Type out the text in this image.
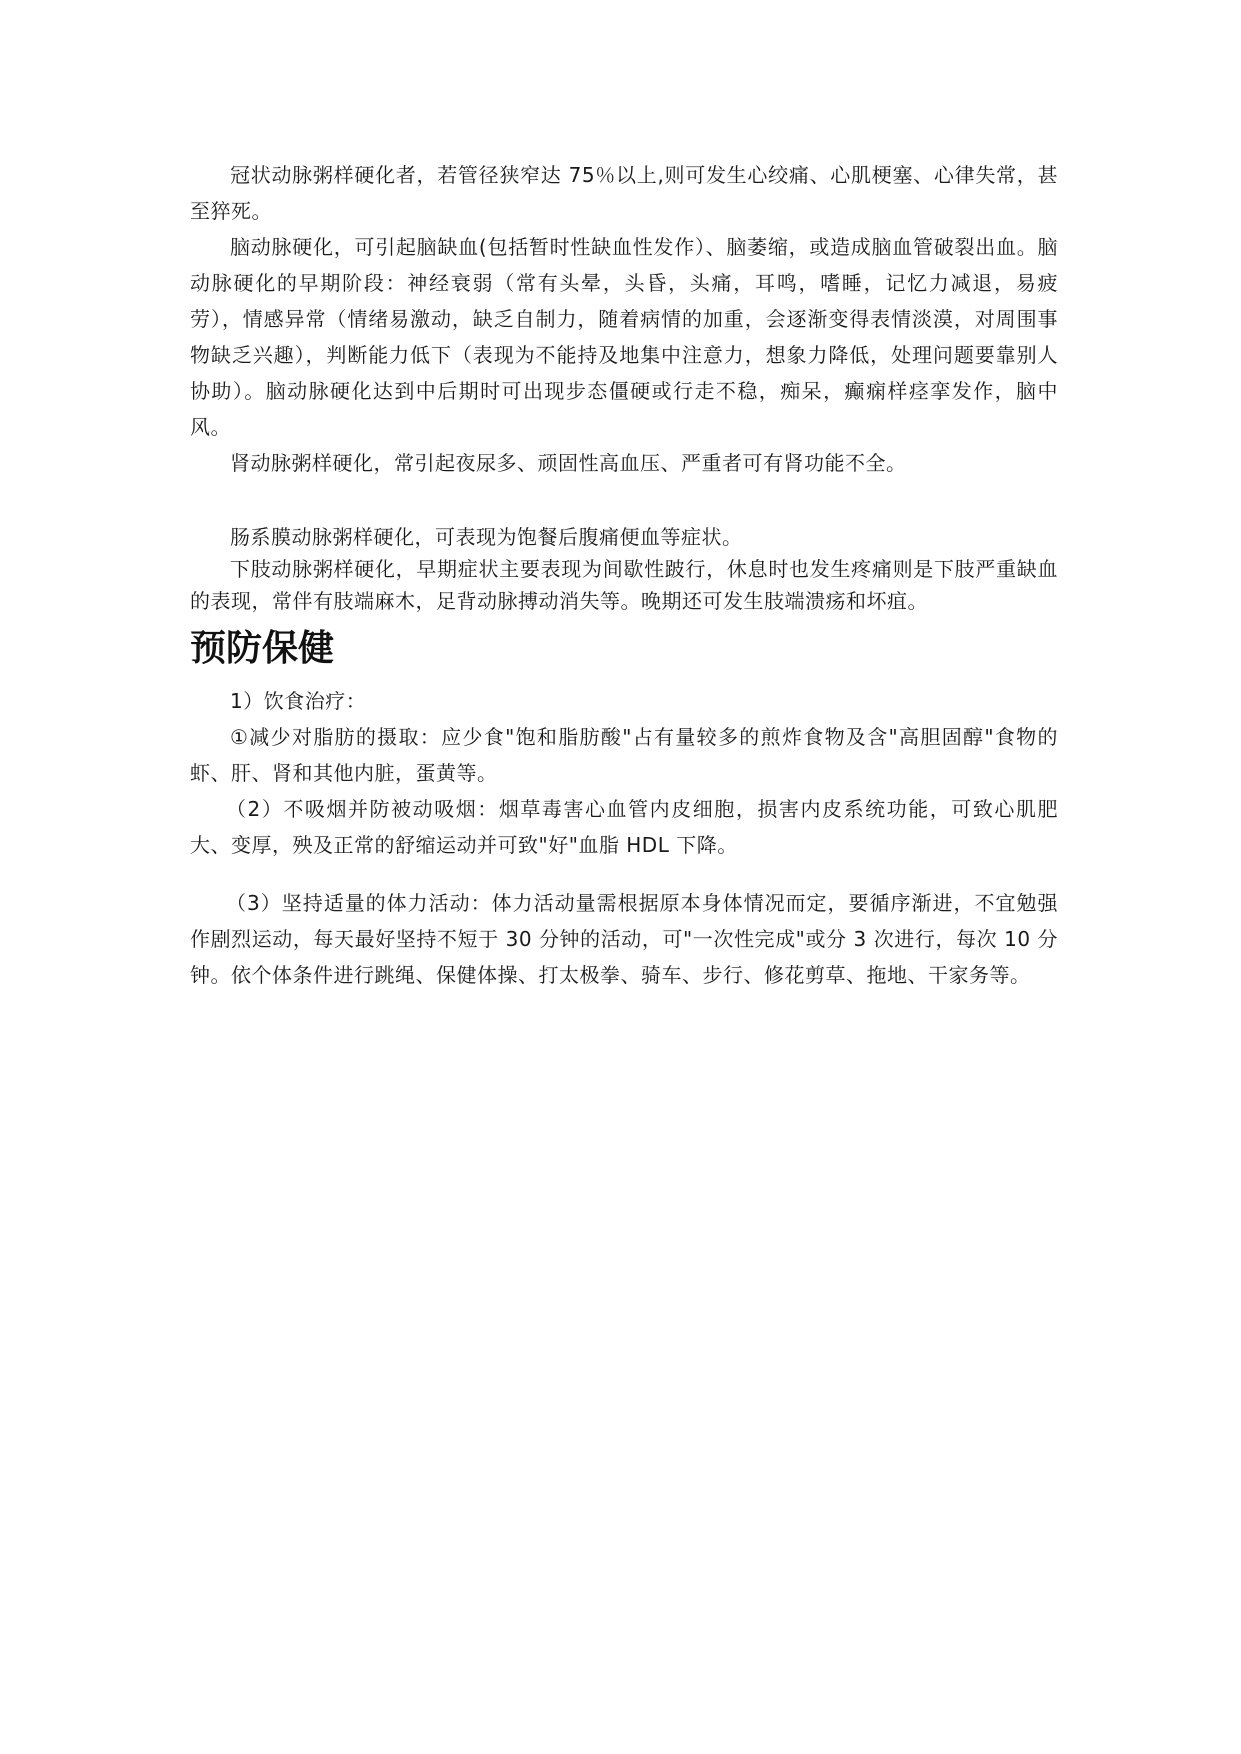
冠状动脉粥样硬化者，若管径狭窄达 75％以上,则可发生心绞痛、心肌梗塞、心律失常，甚至猝死。

脑动脉硬化，可引起脑缺血(包括暂时性缺血性发作）、脑萎缩，或造成脑血管破裂出血。脑动脉硬化的早期阶段：神经衰弱（常有头晕，头昏，头痛，耳鸣，嗜睡，记忆力减退，易疲劳），情感异常（情绪易激动，缺乏自制力，随着病情的加重，会逐渐变得表情淡漠，对周围事物缺乏兴趣），判断能力低下（表现为不能持及地集中注意力，想象力降低，处理问题要靠别人协助）。脑动脉硬化达到中后期时可出现步态僵硬或行走不稳，痴呆，癫痫样痉挛发作，脑中风。

肾动脉粥样硬化，常引起夜尿多、顽固性高血压、严重者可有肾功能不全。

肠系膜动脉粥样硬化，可表现为饱餐后腹痛便血等症状。

下肢动脉粥样硬化，早期症状主要表现为间歇性跛行，休息时也发生疼痛则是下肢严重缺血的表现，常伴有肢端麻木，足背动脉搏动消失等。晚期还可发生肢端溃疡和坏疽。

预防保健

1）饮食治疗：

①减少对脂肪的摄取：应少食"饱和脂肪酸"占有量较多的煎炸食物及含"高胆固醇"食物的虾、肝、肾和其他内脏，蛋黄等。

（2）不吸烟并防被动吸烟：烟草毒害心血管内皮细胞，损害内皮系统功能，可致心肌肥大、变厚，殃及正常的舒缩运动并可致"好"血脂 HDL 下降。

（3）坚持适量的体力活动：体力活动量需根据原本身体情况而定，要循序渐进，不宜勉强作剧烈运动，每天最好坚持不短于 30 分钟的活动，可"一次性完成"或分 3 次进行，每次 10 分钟。依个体条件进行跳绳、保健体操、打太极拳、骑车、步行、修花剪草、拖地、干家务等。
